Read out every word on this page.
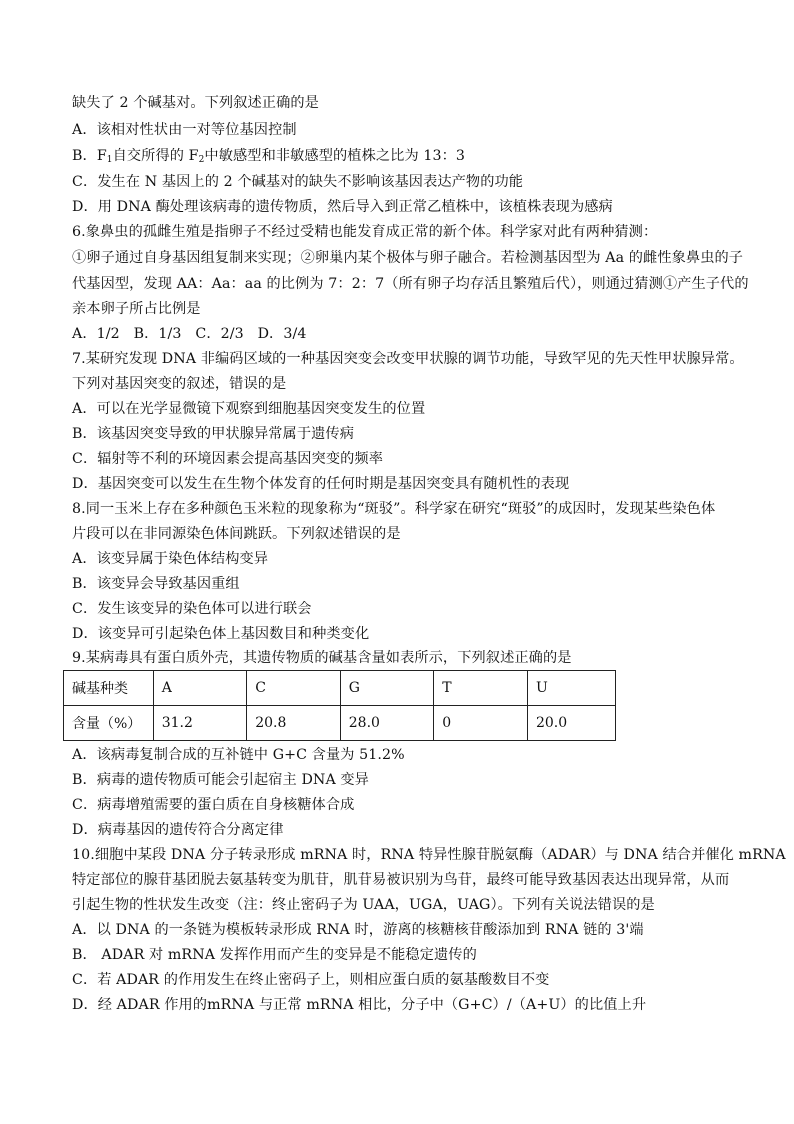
缺失了 2 个碱基对。下列叙述正确的是
A．该相对性状由一对等位基因控制
B．$F_1$自交所得的 $F_2$中敏感型和非敏感型的植株之比为 13：3
C．发生在 N 基因上的 2 个碱基对的缺失不影响该基因表达产物的功能
D．用 DNA 酶处理该病毒的遗传物质，然后导入到正常乙植株中，该植株表现为感病
6.象鼻虫的孤雌生殖是指卵子不经过受精也能发育成正常的新个体。科学家对此有两种猜测：
①卵子通过自身基因组复制来实现；②卵巢内某个极体与卵子融合。若检测基因型为 Aa 的雌性象鼻虫的子
代基因型，发现 AA：Aa：aa 的比例为 7：2：7（所有卵子均存活且繁殖后代），则通过猜测①产生子代的
亲本卵子所占比例是
A．1/2   B．1/3   C．2/3   D．3/4
7.某研究发现 DNA 非编码区域的一种基因突变会改变甲状腺的调节功能，导致罕见的先天性甲状腺异常。
下列对基因突变的叙述，错误的是
A．可以在光学显微镜下观察到细胞基因突变发生的位置
B．该基因突变导致的甲状腺异常属于遗传病
C．辐射等不利的环境因素会提高基因突变的频率
D．基因突变可以发生在生物个体发育的任何时期是基因突变具有随机性的表现
8.同一玉米上存在多种颜色玉米粒的现象称为“斑驳”。科学家在研究“斑驳”的成因时，发现某些染色体
片段可以在非同源染色体间跳跃。下列叙述错误的是
A．该变异属于染色体结构变异
B．该变异会导致基因重组
C．发生该变异的染色体可以进行联会
D．该变异可引起染色体上基因数目和种类变化
9.某病毒具有蛋白质外壳，其遗传物质的碱基含量如表所示，下列叙述正确的是
碱基种类	A	C	G	T	U
含量（%）	31.2	20.8	28.0	0	20.0
A．该病毒复制合成的互补链中 G+C 含量为 51.2%
B．病毒的遗传物质可能会引起宿主 DNA 变异
C．病毒增殖需要的蛋白质在自身核糖体合成
D．病毒基因的遗传符合分离定律
10.细胞中某段 DNA 分子转录形成 mRNA 时，RNA 特异性腺苷脱氨酶（ADAR）与 DNA 结合并催化 mRNA
特定部位的腺苷基团脱去氨基转变为肌苷，肌苷易被识别为鸟苷，最终可能导致基因表达出现异常，从而
引起生物的性状发生改变（注：终止密码子为 UAA，UGA，UAG）。下列有关说法错误的是
A．以 DNA 的一条链为模板转录形成 RNA 时，游离的核糖核苷酸添加到 RNA 链的 3'端
B． ADAR 对 mRNA 发挥作用而产生的变异是不能稳定遗传的
C．若 ADAR 的作用发生在终止密码子上，则相应蛋白质的氨基酸数目不变
D．经 ADAR 作用的mRNA 与正常 mRNA 相比，分子中（G+C）/（A+U）的比值上升
